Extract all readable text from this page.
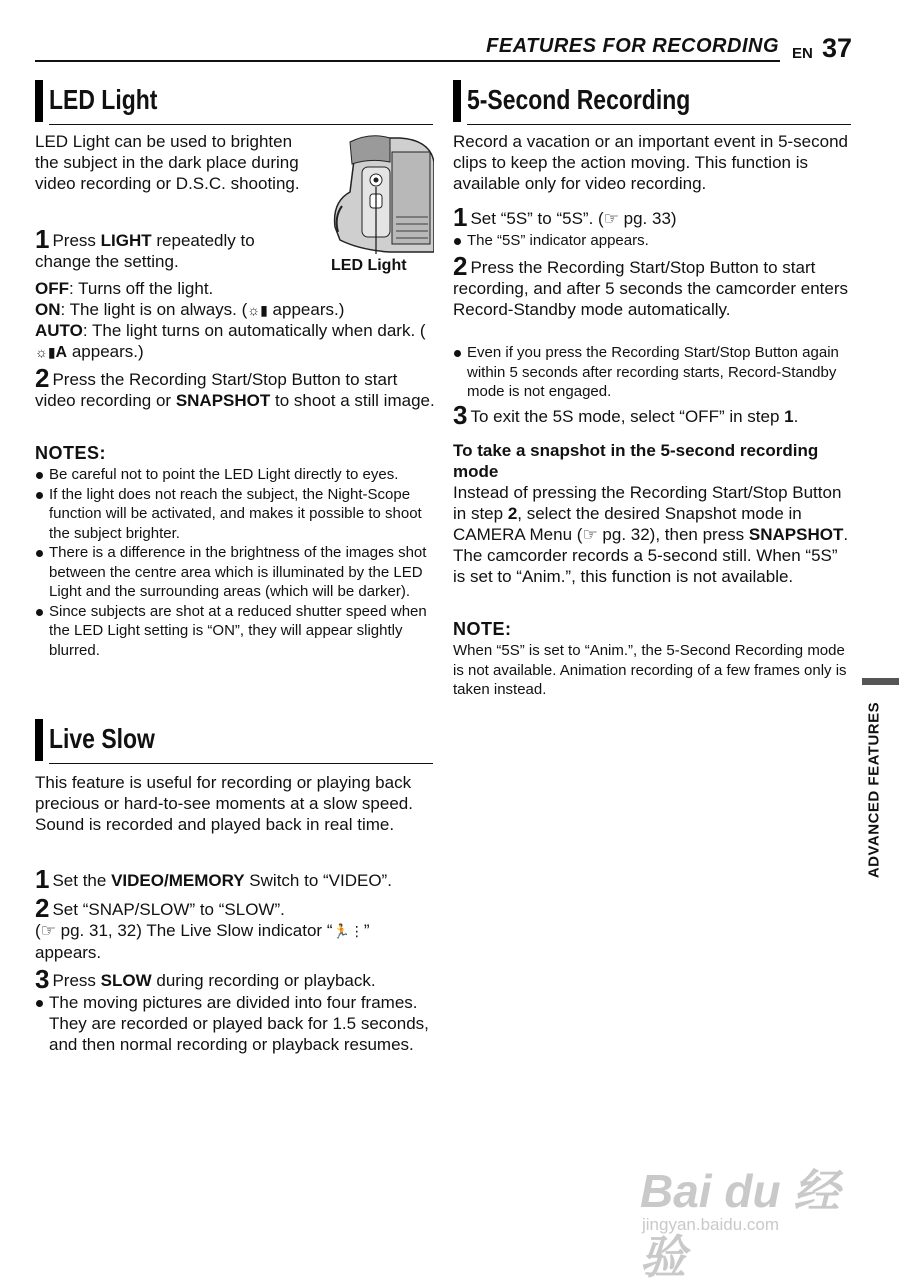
FEATURES FOR RECORDING EN 37
LED Light

LED Light can be used to brighten the subject in the dark place during video recording or D.S.C. shooting.

LED Light

1 Press LIGHT repeatedly to change the setting.

OFF: Turns off the light.

ON: The light is on always. (☼▮ appears.)

AUTO: The light turns on automatically when dark. (☼▮A appears.)

2 Press the Recording Start/Stop Button to start video recording or SNAPSHOT to shoot a still image.

NOTES:
Be careful not to point the LED Light directly to eyes.
If the light does not reach the subject, the Night-Scope function will be activated, and makes it possible to shoot the subject brighter.
There is a difference in the brightness of the images shot between the centre area which is illuminated by the LED Light and the surrounding areas (which will be darker).
Since subjects are shot at a reduced shutter speed when the LED Light setting is “ON”, they will appear slightly blurred.
Live Slow

This feature is useful for recording or playing back precious or hard-to-see moments at a slow speed. Sound is recorded and played back in real time.

1 Set the VIDEO/MEMORY Switch to “VIDEO”.

2 Set “SNAP/SLOW” to “SLOW”.
(☞ pg. 31, 32) The Live Slow indicator “🏃⋮” appears.

3 Press SLOW during recording or playback.

The moving pictures are divided into four frames. They are recorded or played back for 1.5 seconds, and then normal recording or playback resumes.
5-Second Recording

Record a vacation or an important event in 5-second clips to keep the action moving. This function is available only for video recording.

1 Set “5S” to “5S”. (☞ pg. 33)

The “5S” indicator appears.

2 Press the Recording Start/Stop Button to start recording, and after 5 seconds the camcorder enters Record-Standby mode automatically.

Even if you press the Recording Start/Stop Button again within 5 seconds after recording starts, Record-Standby mode is not engaged.

3 To exit the 5S mode, select “OFF” in step 1.

To take a snapshot in the 5-second recording mode

Instead of pressing the Recording Start/Stop Button in step 2, select the desired Snapshot mode in CAMERA Menu (☞ pg. 32), then press SNAPSHOT. The camcorder records a 5-second still. When “5S” is set to “Anim.”, this function is not available.

NOTE:

When “5S” is set to “Anim.”, the 5-Second Recording mode is not available. Animation recording of a few frames only is taken instead.

ADVANCED FEATURES
Bai du 经验
jingyan.baidu.com
